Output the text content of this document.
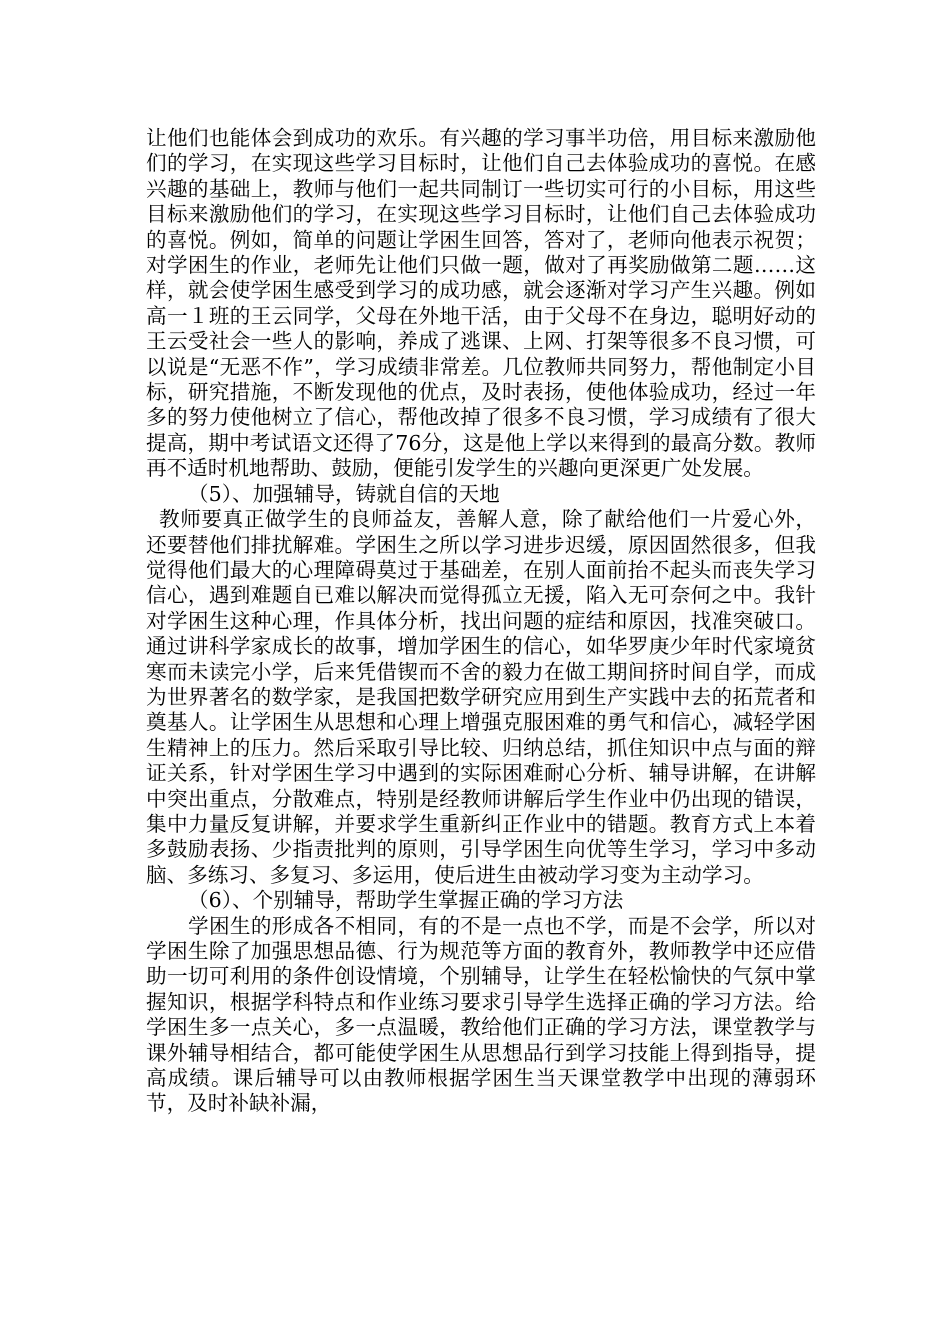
让他们也能体会到成功的欢乐。有兴趣的学习事半功倍，用目标来激励他们的学习，在实现这些学习目标时，让他们自己去体验成功的喜悦。在感兴趣的基础上，教师与他们一起共同制订一些切实可行的小目标，用这些目标来激励他们的学习，在实现这些学习目标时，让他们自己去体验成功的喜悦。例如，简单的问题让学困生回答，答对了，老师向他表示祝贺；对学困生的作业，老师先让他们只做一题，做对了再奖励做第二题……这样，就会使学困生感受到学习的成功感，就会逐渐对学习产生兴趣。例如高一１班的王云同学，父母在外地干活，由于父母不在身边，聪明好动的王云受社会一些人的影响，养成了逃课、上网、打架等很多不良习惯，可以说是“无恶不作”，学习成绩非常差。几位教师共同努力，帮他制定小目标，研究措施，不断发现他的优点，及时表扬，使他体验成功，经过一年多的努力使他树立了信心，帮他改掉了很多不良习惯，学习成绩有了很大提高，期中考试语文还得了76分，这是他上学以来得到的最高分数。教师再不适时机地帮助、鼓励，便能引发学生的兴趣向更深更广处发展。

（5）、加强辅导，铸就自信的天地

教师要真正做学生的良师益友，善解人意，除了献给他们一片爱心外，还要替他们排扰解难。学困生之所以学习进步迟缓，原因固然很多，但我觉得他们最大的心理障碍莫过于基础差，在别人面前抬不起头而丧失学习信心，遇到难题自已难以解决而觉得孤立无援，陷入无可奈何之中。我针对学困生这种心理，作具体分析，找出问题的症结和原因，找准突破口。通过讲科学家成长的故事，增加学困生的信心，如华罗庚少年时代家境贫寒而未读完小学，后来凭借锲而不舍的毅力在做工期间挤时间自学，而成为世界著名的数学家，是我国把数学研究应用到生产实践中去的拓荒者和奠基人。让学困生从思想和心理上增强克服困难的勇气和信心，减轻学困生精神上的压力。然后采取引导比较、归纳总结，抓住知识中点与面的辩证关系，针对学困生学习中遇到的实际困难耐心分析、辅导讲解，在讲解中突出重点，分散难点，特别是经教师讲解后学生作业中仍出现的错误，集中力量反复讲解，并要求学生重新纠正作业中的错题。教育方式上本着多鼓励表扬、少指责批判的原则，引导学困生向优等生学习，学习中多动脑、多练习、多复习、多运用，使后进生由被动学习变为主动学习。

（6）、个别辅导，帮助学生掌握正确的学习方法

学困生的形成各不相同，有的不是一点也不学，而是不会学，所以对学困生除了加强思想品德、行为规范等方面的教育外，教师教学中还应借助一切可利用的条件创设情境，个别辅导，让学生在轻松愉快的气氛中掌握知识，根据学科特点和作业练习要求引导学生选择正确的学习方法。给学困生多一点关心，多一点温暖，教给他们正确的学习方法，课堂教学与课外辅导相结合，都可能使学困生从思想品行到学习技能上得到指导，提高成绩。课后辅导可以由教师根据学困生当天课堂教学中出现的薄弱环节，及时补缺补漏，
